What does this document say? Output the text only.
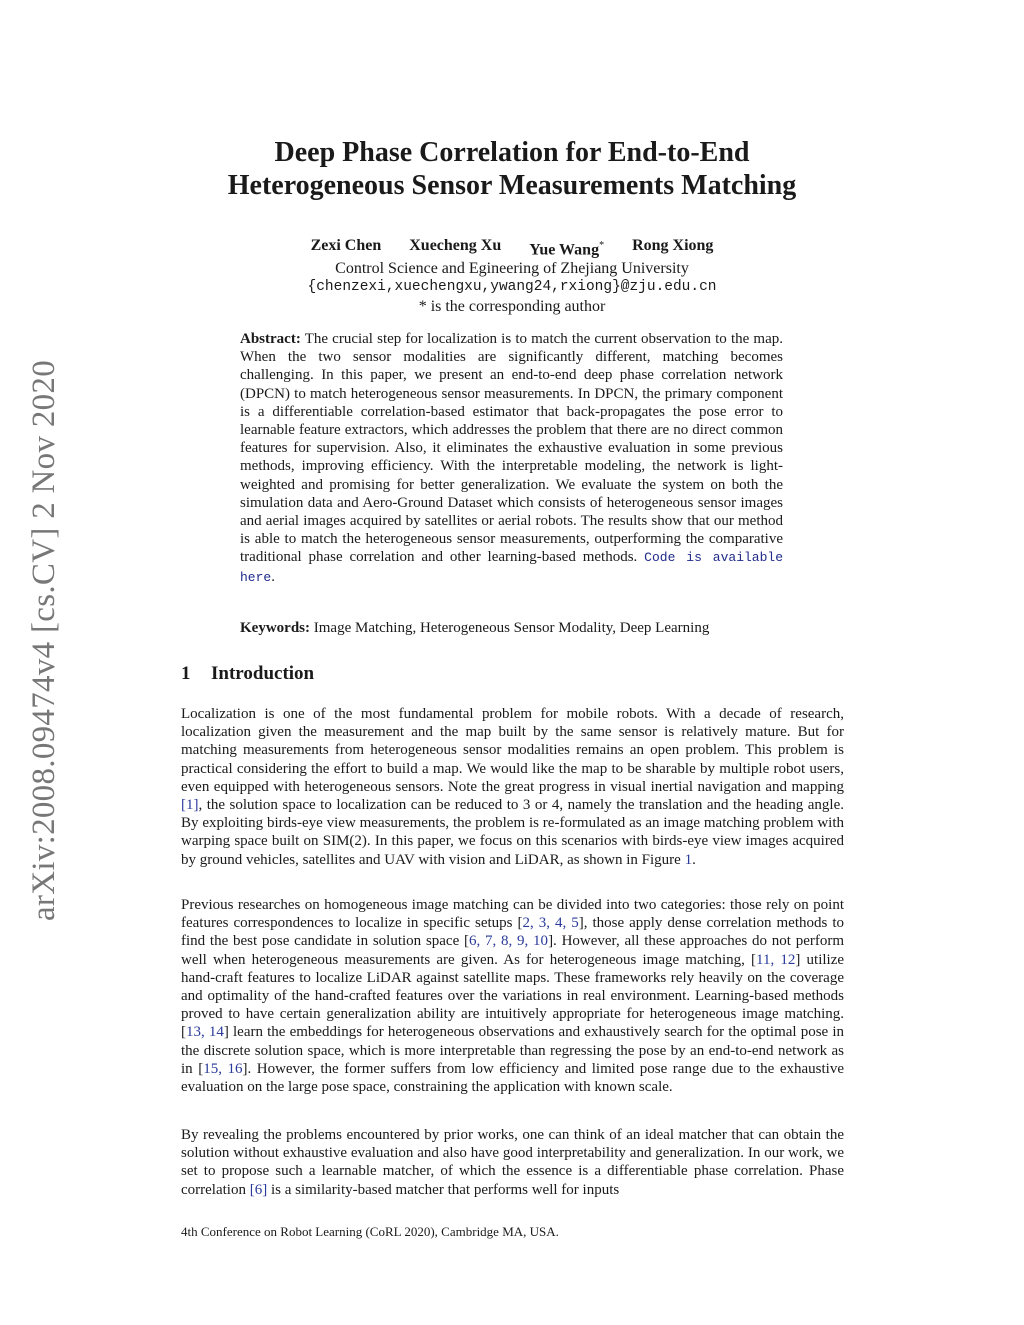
arXiv:2008.09474v4 [cs.CV] 2 Nov 2020
Deep Phase Correlation for End-to-End
Heterogeneous Sensor Measurements Matching
Zexi Chen Xuecheng Xu Yue Wang* Rong Xiong
Control Science and Egineering of Zhejiang University
{chenzexi,xuechengxu,ywang24,rxiong}@zju.edu.cn
* is the corresponding author
Abstract: The crucial step for localization is to match the current observation to the map. When the two sensor modalities are significantly different, matching becomes challenging. In this paper, we present an end-to-end deep phase correlation network (DPCN) to match heterogeneous sensor measurements. In DPCN, the primary component is a differentiable correlation-based estimator that back-propagates the pose error to learnable feature extractors, which addresses the problem that there are no direct common features for supervision. Also, it eliminates the exhaustive evaluation in some previous methods, improving efficiency. With the interpretable modeling, the network is light-weighted and promising for better generalization. We evaluate the system on both the simulation data and Aero-Ground Dataset which consists of heterogeneous sensor images and aerial images acquired by satellites or aerial robots. The results show that our method is able to match the heterogeneous sensor measurements, outperforming the comparative traditional phase correlation and other learning-based methods. Code is available here.
Keywords: Image Matching, Heterogeneous Sensor Modality, Deep Learning
1 Introduction
Localization is one of the most fundamental problem for mobile robots. With a decade of research, localization given the measurement and the map built by the same sensor is relatively mature. But for matching measurements from heterogeneous sensor modalities remains an open problem. This problem is practical considering the effort to build a map. We would like the map to be sharable by multiple robot users, even equipped with heterogeneous sensors. Note the great progress in visual inertial navigation and mapping [1], the solution space to localization can be reduced to 3 or 4, namely the translation and the heading angle. By exploiting birds-eye view measurements, the problem is re-formulated as an image matching problem with warping space built on SIM(2). In this paper, we focus on this scenarios with birds-eye view images acquired by ground vehicles, satellites and UAV with vision and LiDAR, as shown in Figure 1.
Previous researches on homogeneous image matching can be divided into two categories: those rely on point features correspondences to localize in specific setups [2, 3, 4, 5], those apply dense correlation methods to find the best pose candidate in solution space [6, 7, 8, 9, 10]. However, all these approaches do not perform well when heterogeneous measurements are given. As for heterogeneous image matching, [11, 12] utilize hand-craft features to localize LiDAR against satellite maps. These frameworks rely heavily on the coverage and optimality of the hand-crafted features over the variations in real environment. Learning-based methods proved to have certain generalization ability are intuitively appropriate for heterogeneous image matching. [13, 14] learn the embeddings for heterogeneous observations and exhaustively search for the optimal pose in the discrete solution space, which is more interpretable than regressing the pose by an end-to-end network as in [15, 16]. However, the former suffers from low efficiency and limited pose range due to the exhaustive evaluation on the large pose space, constraining the application with known scale.
By revealing the problems encountered by prior works, one can think of an ideal matcher that can obtain the solution without exhaustive evaluation and also have good interpretability and generalization. In our work, we set to propose such a learnable matcher, of which the essence is a differentiable phase correlation. Phase correlation [6] is a similarity-based matcher that performs well for inputs
4th Conference on Robot Learning (CoRL 2020), Cambridge MA, USA.
